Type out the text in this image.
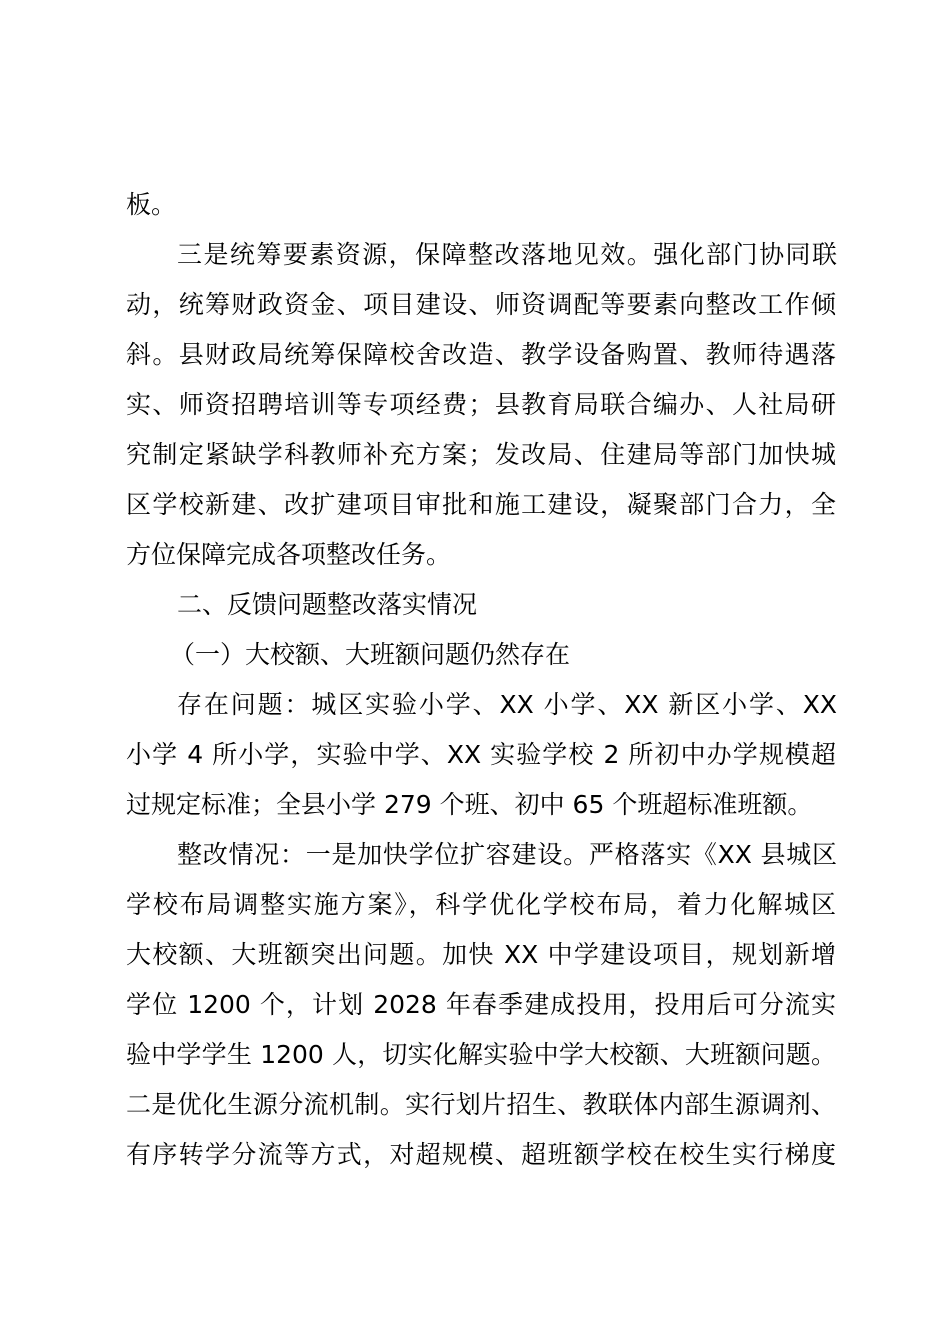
板。
三是统筹要素资源，保障整改落地见效。强化部门协同联
动，统筹财政资金、项目建设、师资调配等要素向整改工作倾
斜。县财政局统筹保障校舍改造、教学设备购置、教师待遇落
实、师资招聘培训等专项经费；县教育局联合编办、人社局研
究制定紧缺学科教师补充方案；发改局、住建局等部门加快城
区学校新建、改扩建项目审批和施工建设，凝聚部门合力，全
方位保障完成各项整改任务。
二、反馈问题整改落实情况
（一）大校额、大班额问题仍然存在
存在问题：城区实验小学、XX 小学、XX 新区小学、XX
小学 4 所小学，实验中学、XX 实验学校 2 所初中办学规模超
过规定标准；全县小学 279 个班、初中 65 个班超标准班额。
整改情况：一是加快学位扩容建设。严格落实《XX 县城区
学校布局调整实施方案》，科学优化学校布局，着力化解城区
大校额、大班额突出问题。加快 XX 中学建设项目，规划新增
学位 1200 个，计划 2028 年春季建成投用，投用后可分流实
验中学学生 1200 人，切实化解实验中学大校额、大班额问题。
二是优化生源分流机制。实行划片招生、教联体内部生源调剂、
有序转学分流等方式，对超规模、超班额学校在校生实行梯度
